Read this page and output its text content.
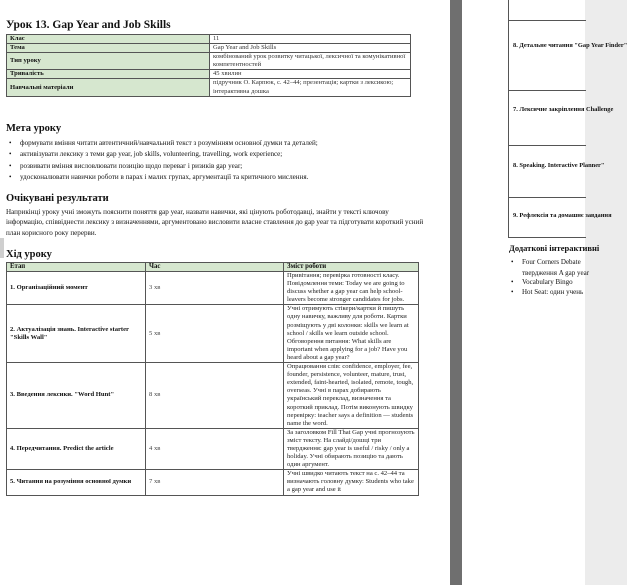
Урок 13. Gap Year and Job Skills
Клас	11
Тема	Gap Year and Job Skills
Тип уроку	комбінований урок розвитку читацької, лексичної та комунікативної компетентностей
Тривалість	45 хвилин
Навчальні матеріали	підручник О. Карпюк, с. 42–44; презентація; картки з лексикою; інтерактивна дошка
Мета уроку
• формувати вміння читати автентичний/навчальний текст з розумінням основної думки та деталей;
• активізувати лексику з теми gap year, job skills, volunteering, travelling, work experience;
• розвивати вміння висловлювати позицію щодо переваг і ризиків gap year;
• удосконалювати навички роботи в парах і малих групах, аргументації та критичного мислення.
Очікувані результати
Наприкінці уроку учні зможуть пояснити поняття gap year, назвати навички, які цінують роботодавці, знайти у тексті ключову інформацію, співвіднести лексику з визначеннями, аргументовано висловити власне ставлення до gap year та підготувати короткий усний план корисного року перерви.
Хід уроку
Етап	Час	Зміст роботи
1. Організаційний момент	3 хв	Привітання; перевірка готовності класу. Повідомлення теми: Today we are going to discuss whether a gap year can help school-leavers become stronger candidates for jobs.
2. Актуалізація знань. Interactive starter "Skills Wall"	5 хв	Учні отримують стікери/картки й пишуть одну навичку, важливу для роботи. Картки розміщують у дві колонки: skills we learn at school / skills we learn outside school. Обговорення питання: What skills are important when applying for a job? Have you heard about a gap year?
3. Введення лексики. "Word Hunt"	8 хв	Опрацювання слів: confidence, employer, fee, founder, persistence, volunteer, mature, trust, extended, faint-hearted, isolated, remote, tough, overseas. Учні в парах добирають український переклад, визначення та короткий приклад. Потім виконують швидку перевірку: teacher says a definition — students name the word.
4. Передчитання. Predict the article	4 хв	За заголовком Fill That Gap учні прогнозують зміст тексту. На слайді/дошці три твердження: gap year is useful / risky / only a holiday. Учні обирають позицію та дають один аргумент.
5. Читання на розуміння основної думки	7 хв	Учні швидко читають текст на с. 42–44 та визначають головну думку: Students who take a gap year and use it
8. Детальне читання "Gap Year Finder"
7. Лексичне закріплення Challenge
8. Speaking. Interactive Planner"
9. Рефлексія та домашнє завдання
Додаткові інтерактивні
• Four Corners Debate
• Vocabulary Bingo
• Hot Seat: один учень
твердження A gap year
